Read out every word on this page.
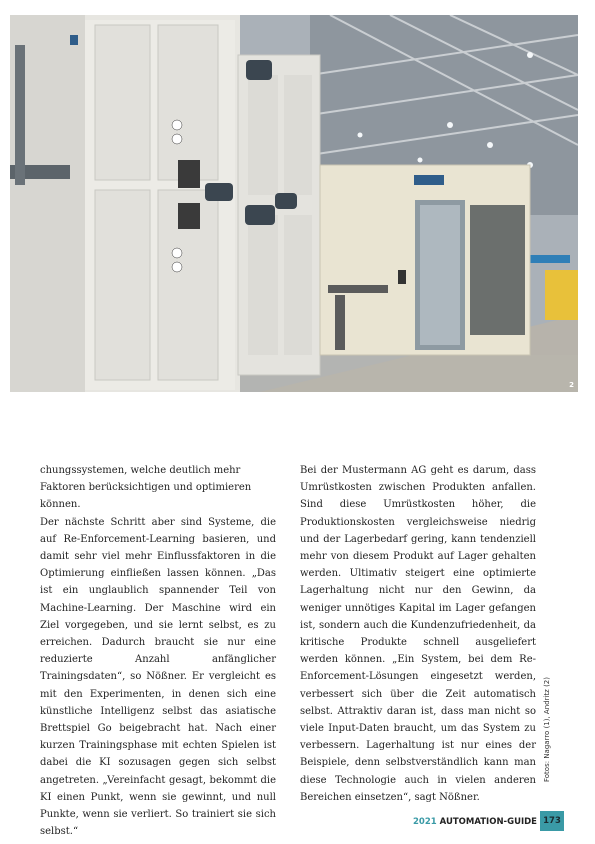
2

chungssystemen, welche deutlich mehr Faktoren berücksichtigen und optimieren können.

Der nächste Schritt aber sind Systeme, die auf Re-Enforcement-Learning basieren, und damit sehr viel mehr Einflussfaktoren in die Optimierung einfließen lassen können. „Das ist ein unglaublich spannender Teil von Machine-Learning. Der Maschine wird ein Ziel vorgegeben, und sie lernt selbst, es zu erreichen. Dadurch braucht sie nur eine reduzierte Anzahl anfänglicher Trainingsdaten“, so Nößner. Er vergleicht es mit den Experimenten, in denen sich eine künstliche Intelligenz selbst das asiatische Brettspiel Go beigebracht hat. Nach einer kurzen Trainingsphase mit echten Spielen ist dabei die KI sozusagen gegen sich selbst angetreten. „Vereinfacht gesagt, bekommt die KI einen Punkt, wenn sie gewinnt, und null Punkte, wenn sie verliert. So trainiert sie sich selbst.“

Bei der Mustermann AG geht es darum, dass Umrüstkosten zwischen Produkten anfallen. Sind diese Umrüstkosten höher, die Produktionskosten vergleichsweise niedrig und der Lagerbedarf gering, kann tendenziell mehr von diesem Produkt auf Lager gehalten werden. Ultimativ steigert eine optimierte Lagerhaltung nicht nur den Gewinn, da weniger unnötiges Kapital im Lager gefangen ist, sondern auch die Kundenzufriedenheit, da kritische Produkte schnell ausgeliefert werden können. „Ein System, bei dem Re-Enforcement-Lösungen eingesetzt werden, verbessert sich über die Zeit automatisch selbst. Attraktiv daran ist, dass man nicht so viele Input-Daten braucht, um das System zu verbessern. Lagerhaltung ist nur eines der Beispiele, denn selbstverständlich kann man diese Technologie auch in vielen anderen Bereichen einsetzen“, sagt Nößner.

Fotos: Nagarro (1), Andritz (2)
2021 AUTOMATION-GUIDE 173
